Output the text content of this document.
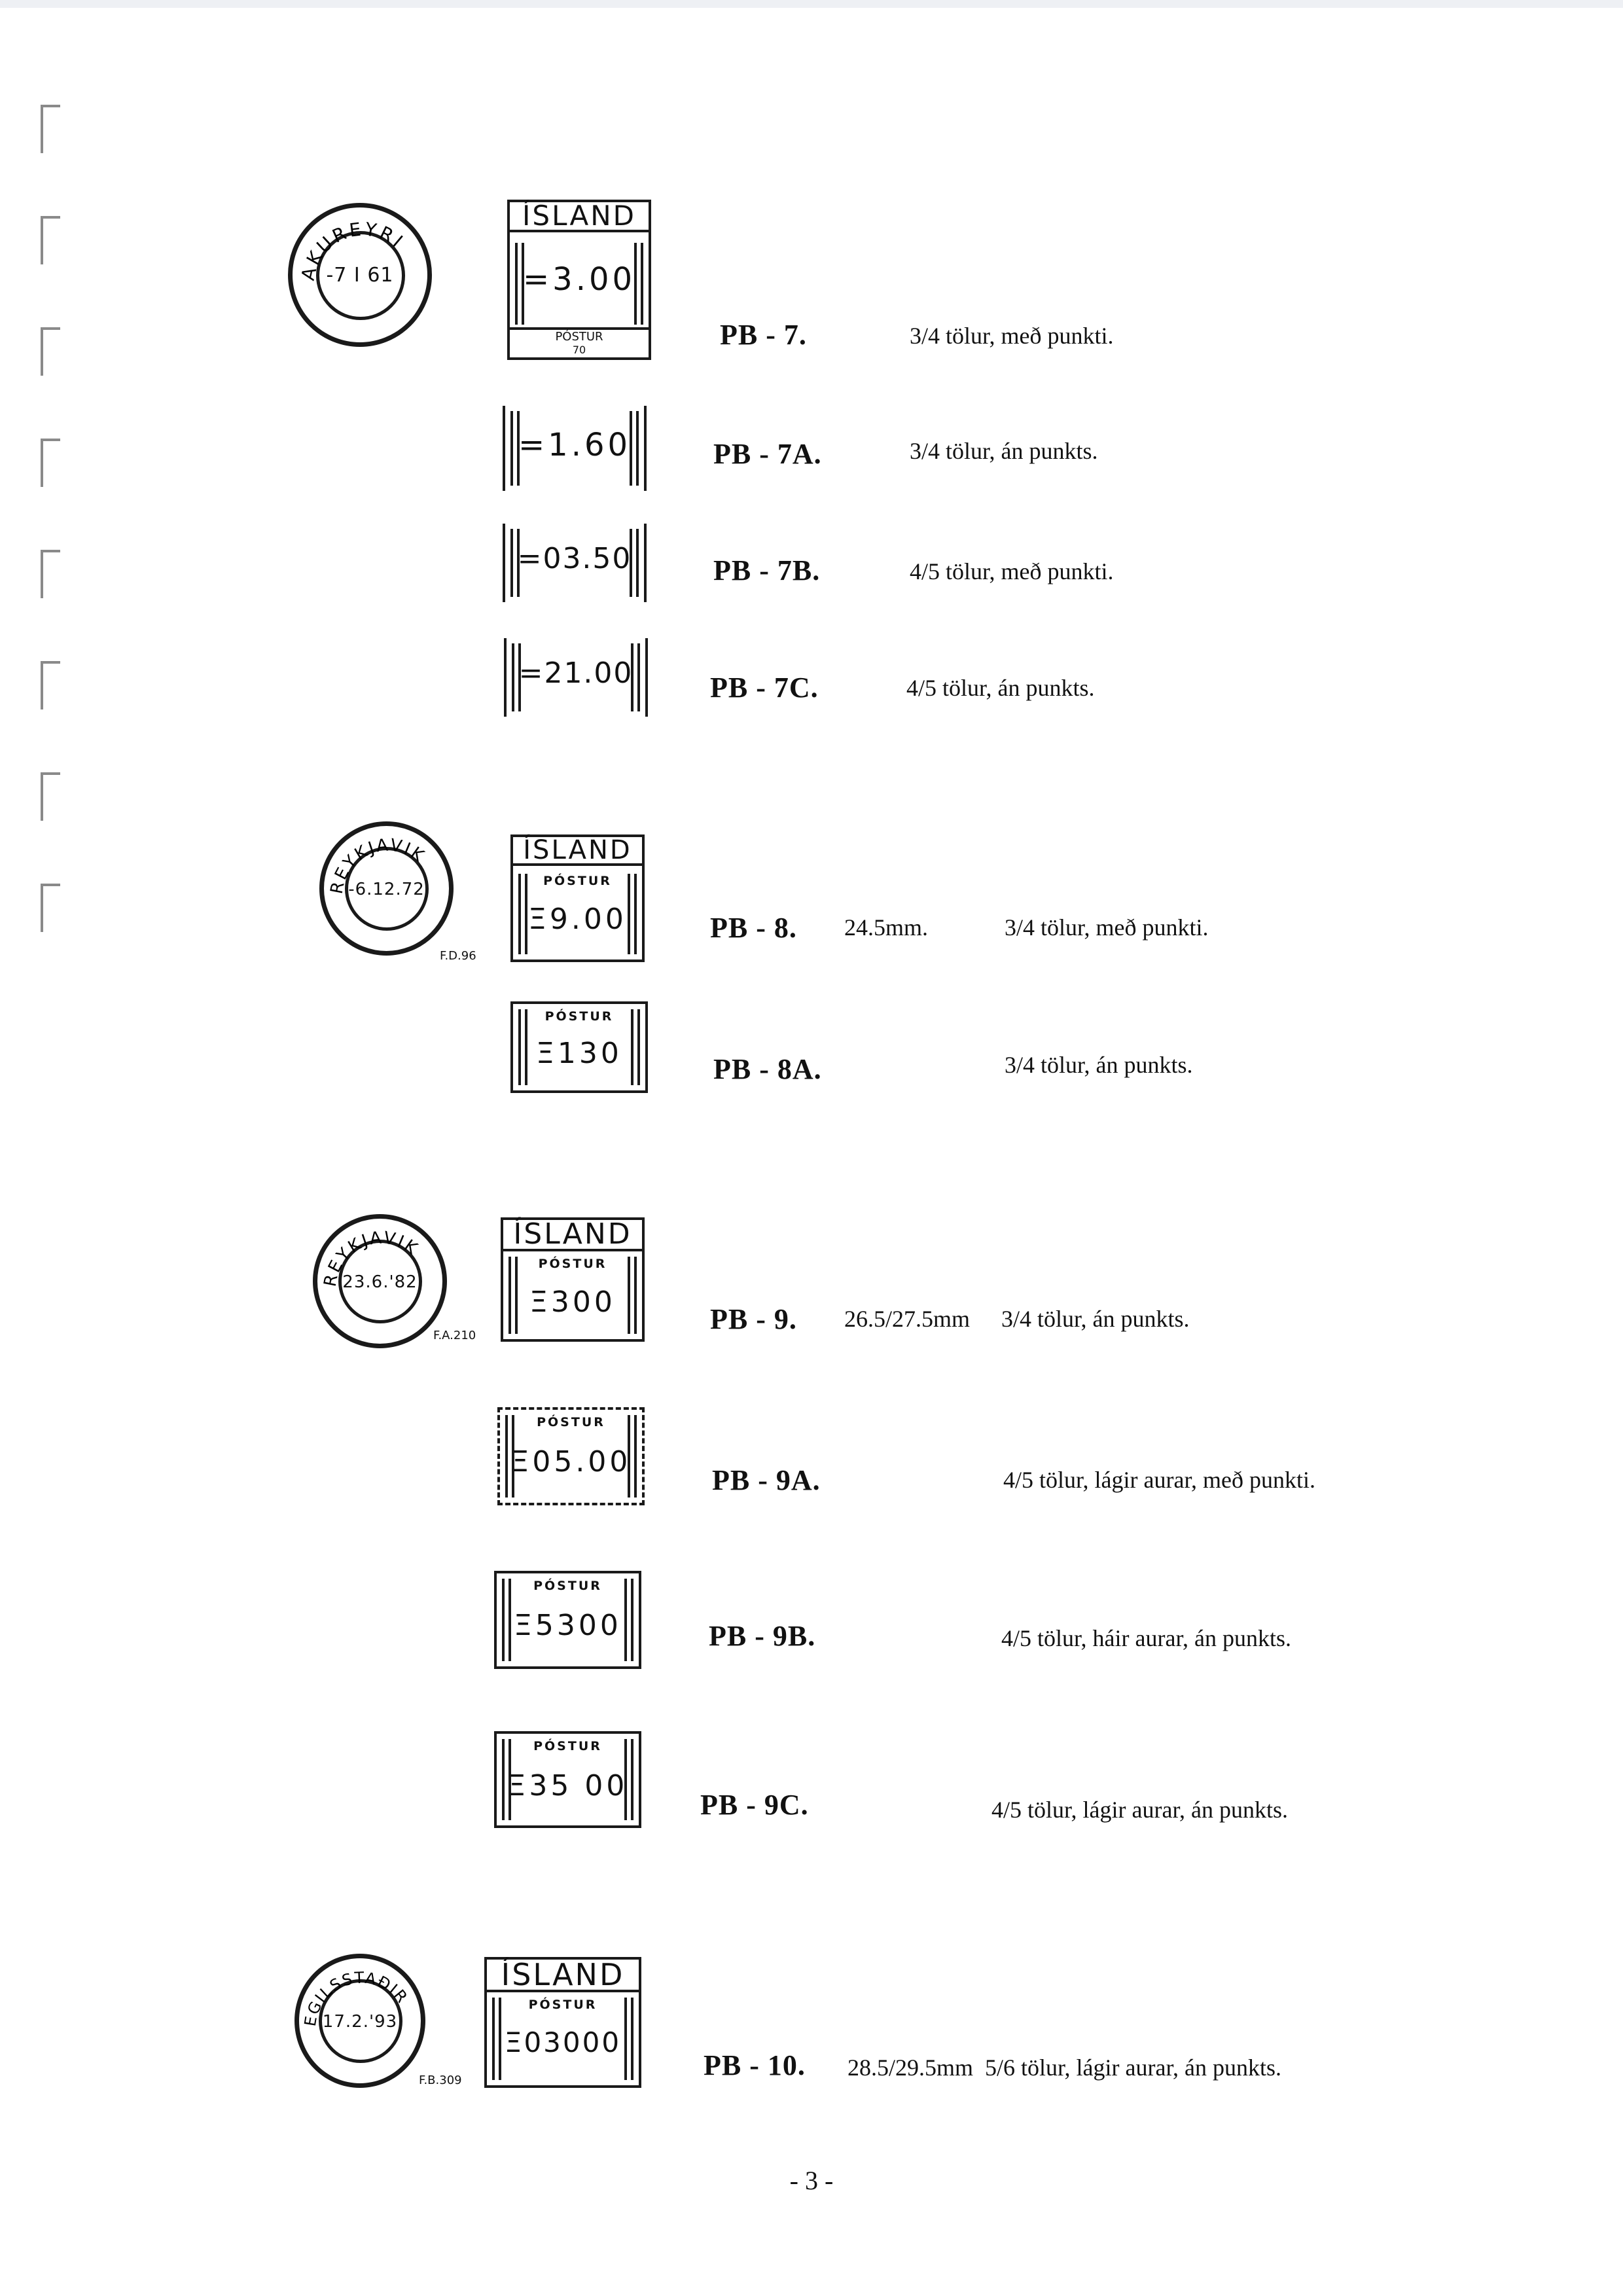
AKUREYRI
-7 I 61
REYKJAVIK
-6.12.72
F.D.96
REYKJAVIK
23.6.'82
F.A.210
EGILSSTAÐIR
17.2.'93
F.B.309
ÍSLAND
=3.00
PÓSTUR
70
=1.60
=03.50
=21.00
ÍSLAND
PÓSTUR
Ξ9.00
PÓSTUR
Ξ130
ÍSLAND
PÓSTUR
Ξ300
PÓSTUR
Ξ05.00
PÓSTUR
Ξ5300
PÓSTUR
Ξ35 00
ÍSLAND
PÓSTUR
Ξ03000
PB - 7.	3/4 tölur, með punkti.
PB - 7A.	3/4 tölur, án punkts.
PB - 7B.	4/5 tölur, með punkti.
PB - 7C.	4/5 tölur, án punkts.
PB - 8. 24.5mm.	3/4 tölur, með punkti.
PB - 8A.	3/4 tölur, án punkts.
PB - 9. 26.5/27.5mm 3/4 tölur, án punkts.
PB - 9A.	4/5 tölur, lágir aurar, með punkti.
PB - 9B.	4/5 tölur, háir aurar, án punkts.
PB - 9C.	4/5 tölur, lágir aurar, án punkts.
PB - 10. 28.5/29.5mm 5/6 tölur, lágir aurar, án punkts.
- 3 -
